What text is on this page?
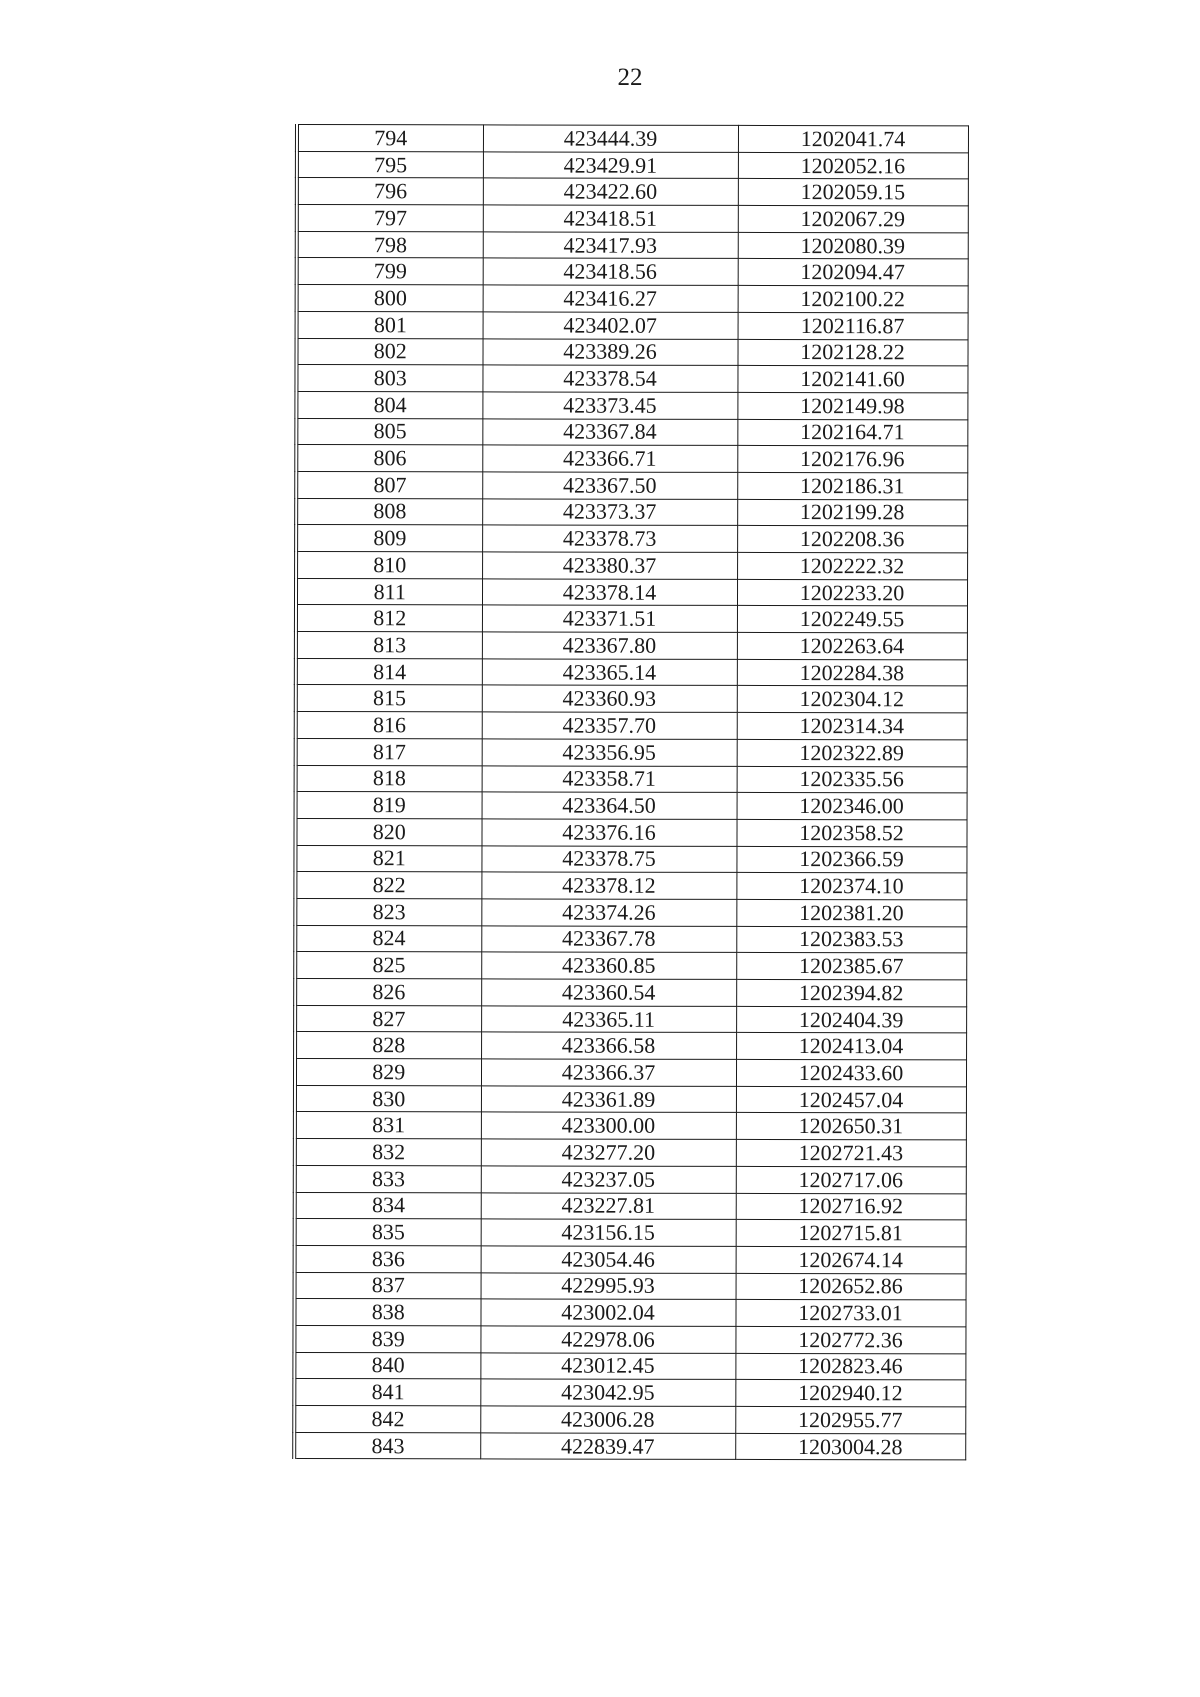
22
794	423444.39	1202041.74
795	423429.91	1202052.16
796	423422.60	1202059.15
797	423418.51	1202067.29
798	423417.93	1202080.39
799	423418.56	1202094.47
800	423416.27	1202100.22
801	423402.07	1202116.87
802	423389.26	1202128.22
803	423378.54	1202141.60
804	423373.45	1202149.98
805	423367.84	1202164.71
806	423366.71	1202176.96
807	423367.50	1202186.31
808	423373.37	1202199.28
809	423378.73	1202208.36
810	423380.37	1202222.32
811	423378.14	1202233.20
812	423371.51	1202249.55
813	423367.80	1202263.64
814	423365.14	1202284.38
815	423360.93	1202304.12
816	423357.70	1202314.34
817	423356.95	1202322.89
818	423358.71	1202335.56
819	423364.50	1202346.00
820	423376.16	1202358.52
821	423378.75	1202366.59
822	423378.12	1202374.10
823	423374.26	1202381.20
824	423367.78	1202383.53
825	423360.85	1202385.67
826	423360.54	1202394.82
827	423365.11	1202404.39
828	423366.58	1202413.04
829	423366.37	1202433.60
830	423361.89	1202457.04
831	423300.00	1202650.31
832	423277.20	1202721.43
833	423237.05	1202717.06
834	423227.81	1202716.92
835	423156.15	1202715.81
836	423054.46	1202674.14
837	422995.93	1202652.86
838	423002.04	1202733.01
839	422978.06	1202772.36
840	423012.45	1202823.46
841	423042.95	1202940.12
842	423006.28	1202955.77
843	422839.47	1203004.28
